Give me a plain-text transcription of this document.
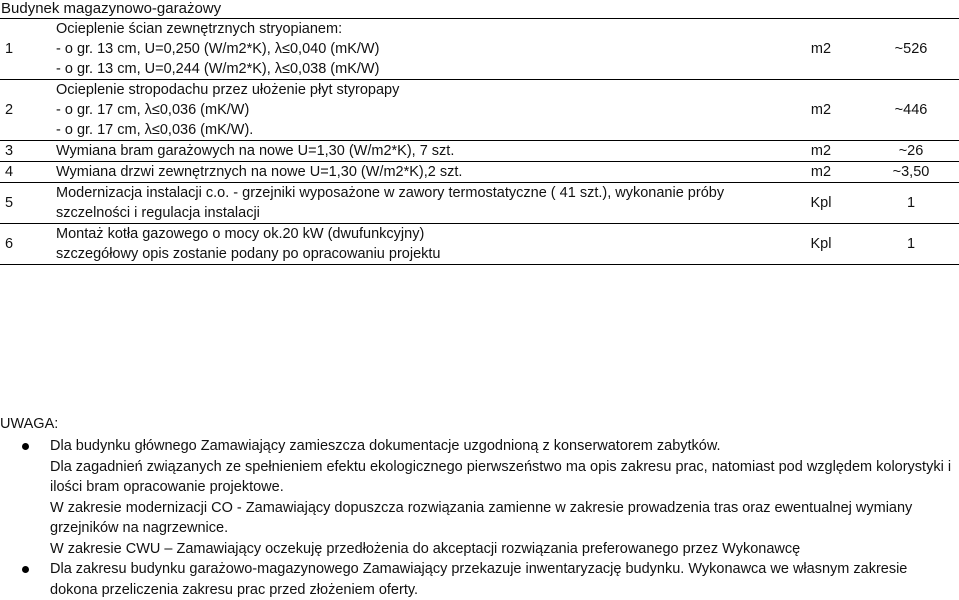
Budynek magazynowo-garażowy
1	Ocieplenie ścian zewnętrznych stryopianem:
- o gr. 13 cm, U=0,250 (W/m2*K), λ≤0,040 (mK/W)
- o gr. 13 cm, U=0,244 (W/m2*K), λ≤0,038 (mK/W)	m2	~526
2	Ocieplenie stropodachu przez ułożenie płyt styropapy
- o gr. 17 cm, λ≤0,036 (mK/W)
- o gr. 17 cm, λ≤0,036 (mK/W).	m2	~446
3	Wymiana bram garażowych na nowe U=1,30 (W/m2*K), 7 szt.	m2	~26
4	Wymiana drzwi zewnętrznych na nowe U=1,30 (W/m2*K),2 szt.	m2	~3,50
5	Modernizacja instalacji c.o. - grzejniki wyposażone w zawory termostatyczne ( 41 szt.), wykonanie próby
szczelności i regulacja instalacji	Kpl	1
6	Montaż kotła gazowego o mocy ok.20 kW (dwufunkcyjny)
szczegółowy opis zostanie podany po opracowaniu projektu	Kpl	1
UWAGA:
Dla budynku głównego Zamawiający zamieszcza dokumentacje uzgodnioną z konserwatorem zabytków.
Dla zagadnień związanych ze spełnieniem efektu ekologicznego pierwszeństwo ma opis zakresu prac, natomiast pod względem kolorystyki i ilości bram opracowanie projektowe.
W zakresie modernizacji CO - Zamawiający dopuszcza rozwiązania zamienne w zakresie prowadzenia tras oraz ewentualnej wymiany grzejników na nagrzewnice.
W zakresie CWU – Zamawiający oczekuję przedłożenia do akceptacji rozwiązania preferowanego przez Wykonawcę
Dla zakresu budynku garażowo-magazynowego Zamawiający przekazuje inwentaryzację budynku. Wykonawca we własnym zakresie dokona przeliczenia zakresu prac przed złożeniem oferty.
